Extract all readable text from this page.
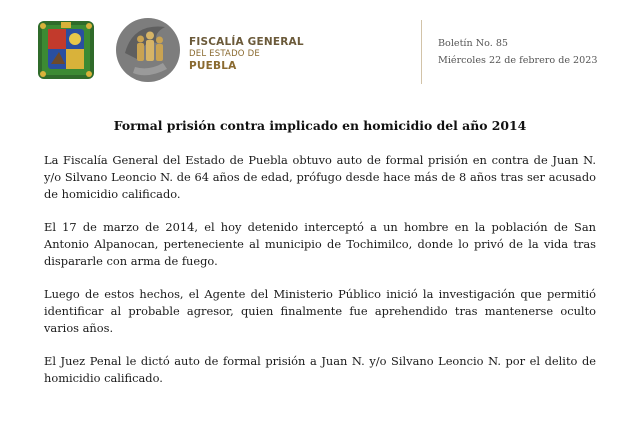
FISCALÍA GENERAL
DEL ESTADO DE
PUEBLA
Boletín No. 85
Miércoles 22 de febrero de 2023
Formal prisión contra implicado en homicidio del año 2014

La Fiscalía General del Estado de Puebla obtuvo auto de formal prisión en contra de Juan N. y/o Silvano Leoncio N. de 64 años de edad, prófugo desde hace más de 8 años tras ser acusado de homicidio calificado.

El 17 de marzo de 2014, el hoy detenido interceptó a un hombre en la población de San Antonio Alpanocan, perteneciente al municipio de Tochimilco, donde lo privó de la vida tras dispararle con arma de fuego.

Luego de estos hechos, el Agente del Ministerio Público inició la investigación que permitió identificar al probable agresor, quien finalmente fue aprehendido tras mantenerse oculto varios años.

El Juez Penal le dictó auto de formal prisión a Juan N. y/o Silvano Leoncio N. por el delito de homicidio calificado.
